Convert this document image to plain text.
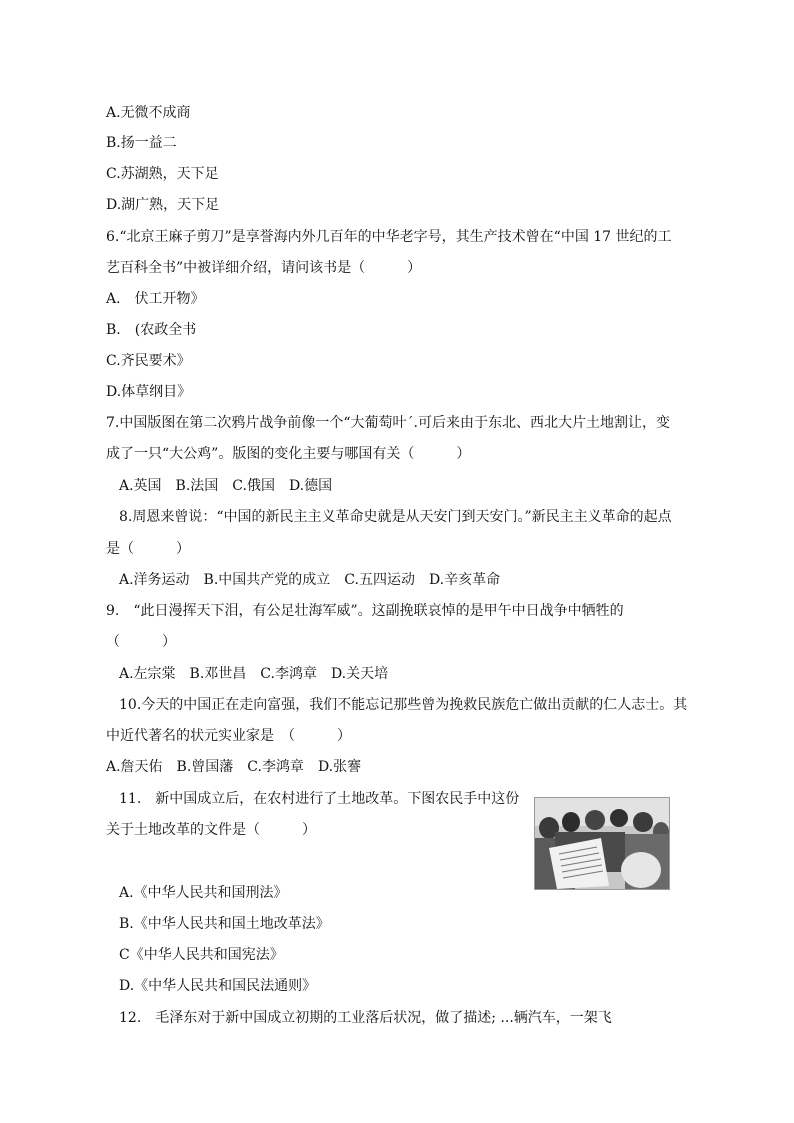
A.无微不成商
B.扬一益二
C.苏湖熟，天下足
D.湖广熟，天下足
6.“北京王麻子剪刀”是享誉海内外几百年的中华老字号，其生产技术曾在“中国 17 世纪的工
艺百科全书”中被详细介绍，请问该书是（　　　）
A.　伏工开物》
B.　(农政全书
C.齐民要术》
D.体草纲目》
7.中国版图在第二次鸦片战争前像一个“大葡萄叶ˊ.可后来由于东北、西北大片土地割让，变
成了一只“大公鸡”。版图的变化主要与哪国有关（　　　）
A.英国　B.法国　C.俄国　D.德国
8.周恩来曾说：“中国的新民主主义革命史就是从天安门到天安门。”新民主主义革命的起点
是（　　　）
A.洋务运动　B.中国共产党的成立　C.五四运动　D.辛亥革命
9.　“此日漫挥天下泪，有公足壮海军威”。这副挽联哀悼的是甲午中日战争中牺牲的
（　　　）
A.左宗棠　B.邓世昌　C.李鸿章　D.关天培
10.今天的中国正在走向富强，我们不能忘记那些曾为挽救民族危亡做出贡献的仁人志士。其
中近代著名的状元实业家是　（　　　）
A.詹天佑　B.曾国藩　C.李鸿章　D.张謇
11.　新中国成立后，在农村进行了土地改革。下图农民手中这份
关于土地改革的文件是（　　　）
A.《中华人民共和国刑法》
B.《中华人民共和国土地改革法》
C《中华人民共和国宪法》
D.《中华人民共和国民法通则》
12.　毛泽东对于新中国成立初期的工业落后状况，做了描述; ...辆汽车，一架飞
